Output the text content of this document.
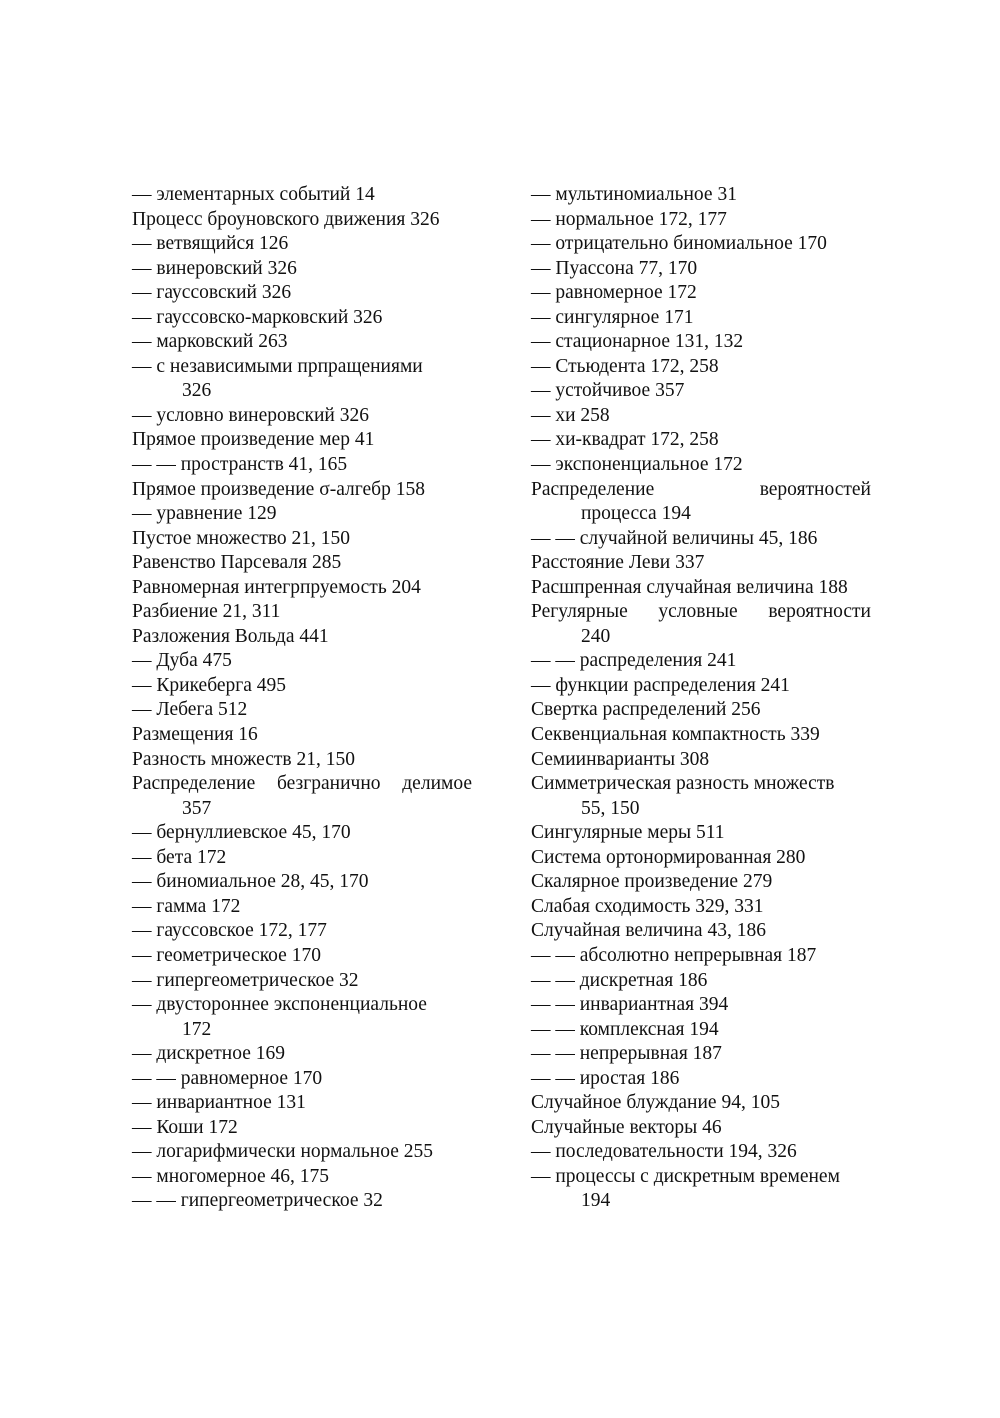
— элементарных событий 14
Процесс броуновского движения 326
— ветвящийся 126
— винеровский 326
— гауссовский 326
— гауссовско-марковский 326
— марковский 263
— с независимыми прпращениями
326
— условно винеровский 326
Прямое произведение мер 41
— — пространств 41, 165
Прямое произведение σ-алгебр 158
— уравнение 129
Пустое множество 21, 150
Равенство Парсеваля 285
Равномерная интегрпруемость 204
Разбиение 21, 311
Разложения Вольда 441
— Дуба 475
— Крикеберга 495
— Лебега 512
Размещения 16
Разность множеств 21, 150
Распределение безгранично делимое
357
— бернуллиевское 45, 170
— бета 172
— биномиальное 28, 45, 170
— гамма 172
— гауссовское 172, 177
— геометрическое 170
— гипергеометрическое 32
— двустороннее экспоненциальное
172
— дискретное 169
— — равномерное 170
— инвариантное 131
— Коши 172
— логарифмически нормальное 255
— многомерное 46, 175
— — гипергеометрическое 32
— мультиномиальное 31
— нормальное 172, 177
— отрицательно биномиальное 170
— Пуассона 77, 170
— равномерное 172
— сингулярное 171
— стационарное 131, 132
— Стьюдента 172, 258
— устойчивое 357
— хи 258
— хи-квадрат 172, 258
— экспоненциальное 172
Распределение	вероятностей
процесса 194
— — случайной величины 45, 186
Расстояние Леви 337
Расшпренная случайная величина 188
Регулярные условные вероятности
240
— — распределения 241
— функции распределения 241
Свертка распределений 256
Секвенциальная компактность 339
Семиинварианты 308
Симметрическая разность множеств
55, 150
Сингулярные меры 511
Система ортонормированная 280
Скалярное произведение 279
Слабая сходимость 329, 331
Случайная величина 43, 186
— — абсолютно непрерывная 187
— — дискретная 186
— — инвариантная 394
— — комплексная 194
— — непрерывная 187
— — иростая 186
Случайное блуждание 94, 105
Случайные векторы 46
— последовательности 194, 326
— процессы с дискретным временем
194
